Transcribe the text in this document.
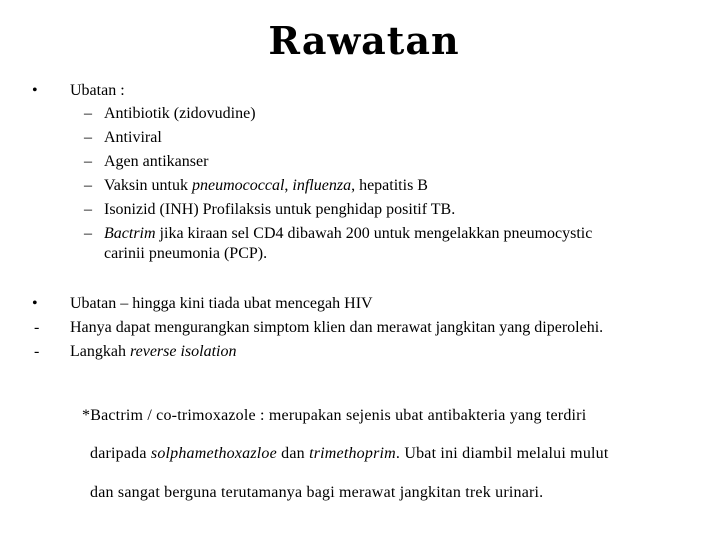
Rawatan
• Ubatan :
– Antibiotik (zidovudine)
– Antiviral
– Agen antikanser
– Vaksin untuk pneumococcal, influenza, hepatitis B
– Isonizid (INH) Profilaksis untuk penghidap positif TB.
– Bactrim jika kiraan sel CD4 dibawah 200 untuk mengelakkan pneumocystic
carinii pneumonia (PCP).
• Ubatan – hingga kini tiada ubat mencegah HIV
- Hanya dapat mengurangkan simptom klien dan merawat jangkitan yang diperolehi.
- Langkah reverse isolation
*Bactrim / co-trimoxazole : merupakan sejenis ubat antibakteria yang terdiri
daripada solphamethoxazloe dan trimethoprim. Ubat ini diambil melalui mulut
dan sangat berguna terutamanya bagi merawat jangkitan trek urinari.
